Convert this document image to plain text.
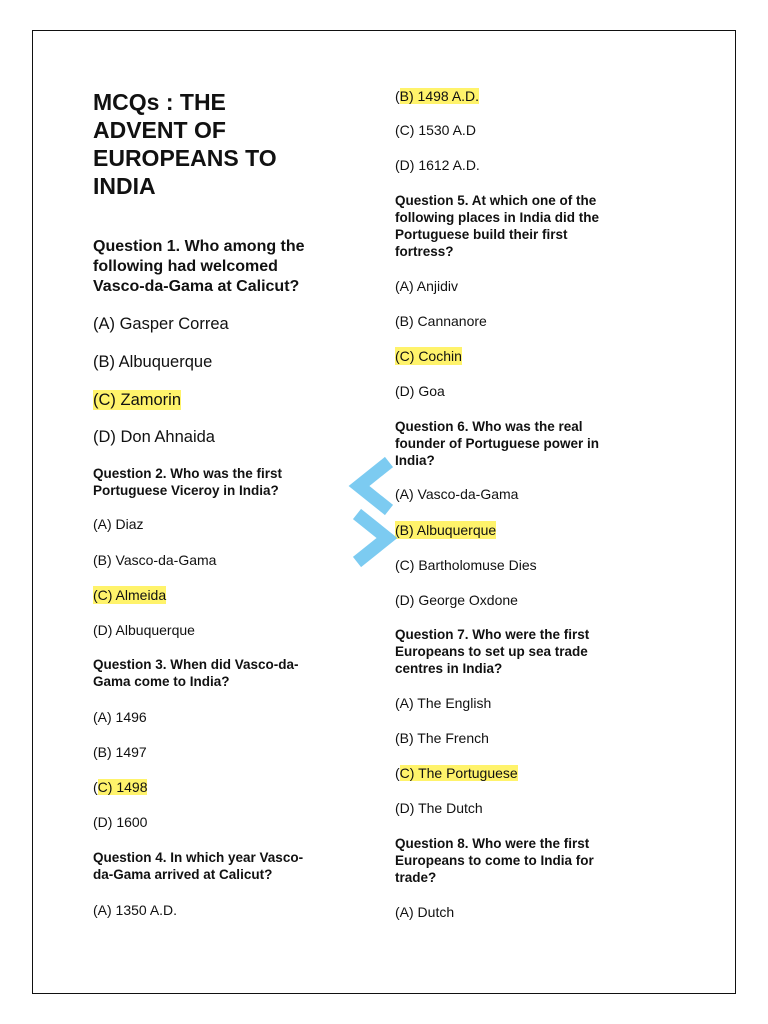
MCQs : THE
ADVENT OF
EUROPEANS TO
INDIA
Question 1. Who among the
following had welcomed
Vasco-da-Gama at Calicut?
(A) Gasper Correa
(B) Albuquerque
(C) Zamorin
(D) Don Ahnaida
Question 2. Who was the first
Portuguese Viceroy in India?
(A) Diaz
(B) Vasco-da-Gama
(C) Almeida
(D) Albuquerque
Question 3. When did Vasco-da-
Gama come to India?
(A) 1496
(B) 1497
(C) 1498
(D) 1600
Question 4. In which year Vasco-
da-Gama arrived at Calicut?
(A) 1350 A.D.
(B) 1498 A.D.
(C) 1530 A.D
(D) 1612 A.D.
Question 5. At which one of the
following places in India did the
Portuguese build their first
fortress?
(A) Anjidiv
(B) Cannanore
(C) Cochin
(D) Goa
Question 6. Who was the real
founder of Portuguese power in
India?
(A) Vasco-da-Gama
(B) Albuquerque
(C) Bartholomuse Dies
(D) George Oxdone
Question 7. Who were the first
Europeans to set up sea trade
centres in India?
(A) The English
(B) The French
(C) The Portuguese
(D) The Dutch
Question 8. Who were the first
Europeans to come to India for
trade?
(A) Dutch
